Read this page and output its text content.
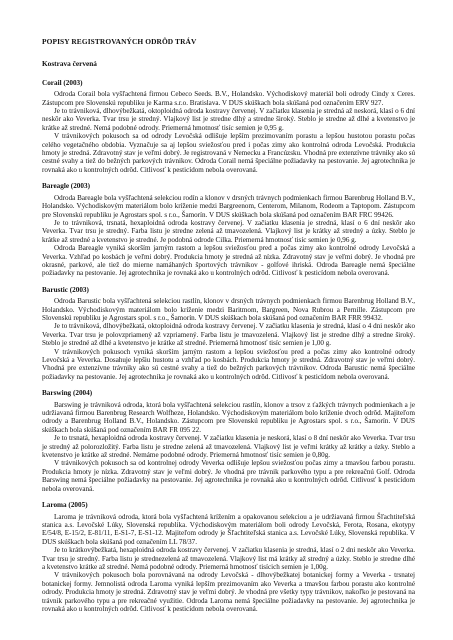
POPISY REGISTROVANÝCH ODRÔD TRÁV
Kostrava červená
Corail (2003)

Odroda Corail bola vyšľachtená firmou Cebeco Seeds. B.V., Holandsko. Východiskový materiál boli odrody Cindy x Ceres. Zástupcom pre Slovenskú republiku je Karma s.r.o. Bratislava. V DUS skúškach bola skúšaná pod označením ERV 927.

Je to trávniková, dlhovýbežkatá, oktoploidná odroda kostravy červenej. V začiatku klasenia je stredná až neskorá, klasí o 6 dní neskôr ako Veverka. Tvar trsu je stredný. Vlajkový list je stredne dlhý a stredne široký. Steblo je stredne až dlhé a kvetenstvo je krátke až stredné. Nemá podobné odrody. Priemerná hmotnosť tisíc semien je 0,95 g.

V trávnikových pokusoch sa od odrody Levočská odlišuje lepším prezimovaním porastu a lepšou hustotou porastu počas celého vegetačného obdobia. Vyznačuje sa aj lepšou sviežosťou pred i počas zimy ako kontrolná odroda Levočská. Produkcia hmoty je stredná. Zdravotný stav je veľmi dobrý. Je registrovaná v Nemecku a Francúzsku. Vhodná pre extenzívne trávniky ako sú cestné svahy a tiež do bežných parkových trávnikov. Odroda Corail nemá špeciálne požiadavky na pestovanie. Jej agrotechnika je rovnaká ako u kontrolných odrôd. Citlivosť k pesticídom nebola overovaná.

Bareagle (2003)

Odroda Bareagle bola vyšľachtená selekciou rodín a klonov v drsných trávnych podmienkach firmou Barenbrug Holland B.V., Holandsko. Východiskovým materiálom bolo kríženie medzi Bargreenom, Centerom, Milanom, Rodeom a Taptopom. Zástupcom pre Slovenskú republiku je Agrostars spol. s r.o., Šamorín. V DUS skúškach bola skúšaná pod označením BAR FRC 99426.

Je to trávniková, trsnatá, hexaploidná odroda kostravy červenej. V začiatku klasenia je stredná, klasí o 6 dní neskôr ako Veverka. Tvar trsu je stredný. Farba listu je stredne zelená až tmavozelená. Vlajkový list je krátky až stredný a úzky. Steblo je krátke až stredné a kvetenstvo je stredné. Je podobná odrode Cilka. Priemerná hmotnosť tisíc semien je 0,96 g.

Odroda Bareagle vyniká skorším jarným rastom a lepšou sviežosťou pred a počas zimy ako kontrolné odrody Levočská a Veverka. Vzhľad po kosbách je veľmi dobrý. Produkcia hmoty je stredná až nízka. Zdravotný stav je veľmi dobrý. Je vhodná pre okrasné, parkové, ale tiež do mierne namáhaných športových trávnikov - golfové ihriská. Odroda Bareagle nemá špeciálne požiadavky na pestovanie. Jej agrotechnika je rovnaká ako u kontrolných odrôd. Citlivosť k pesticídom nebola overovaná.

Barustic (2003)

Odroda Barustic bola vyšľachtená selekciou rastlín, klonov v drsných trávnych podmienkach firmou Barenbrug Holland B.V., Holandsko. Východiskovým materiálom bolo kríženie medzi Baritmom, Bargreen, Nova Rubrou a Pernille. Zástupcom pre Slovenskú republiku je Agrostars spol. s r.o., Šamorín. V DUS skúškach bola skúšaná pod označením BAR FRR 99432.

Je to trávniková, dlhovýbežkatá, oktoploidná odroda kostravy červenej. V začiatku klasenia je stredná, klasí o 4 dni neskôr ako Veverka. Tvar trsu je polovzpriamený až vzpriamený. Farba listu je tmavozelená. Vlajkový list je stredne dlhý a stredne široký. Steblo je stredné až dlhé a kvetenstvo je krátke až stredné. Priemerná hmotnosť tisíc semien je 1,00 g.

V trávnikových pokusoch vyniká skorším jarným rastom a lepšou sviežosťou pred a počas zimy ako kontrolné odrody Levočská a Veverka. Dosahuje lepšiu hustotu a vzhľad po kosbách. Produkcia hmoty je stredná. Zdravotný stav je veľmi dobrý. Vhodná pre extenzívne trávniky ako sú cestné svahy a tiež do bežných parkových trávnikov. Odroda Barustic nemá špeciálne požiadavky na pestovanie. Jej agrotechnika je rovnaká ako u kontrolných odrôd. Citlivosť k pesticídom nebola overovaná.

Barswing (2004)

Barswing je trávniková odroda, ktorá bola vyšľachtená selekciou rastlín, klonov a trsov z ťažkých trávnych podmienkach a je udržiavaná firmou Barenbrug Research Wolfheze, Holandsko. Východiskovým materiálom bolo kríženie dvoch odrôd. Majiteľom odrody a Barenbrug Holland B.V., Holandsko. Zástupcom pre Slovenskú republiku je Agrostars spol. s r.o., Šamorín. V DUS skúškach bola skúšaná pod označením BAR FR 095 22.

Je to trsnatá, hexaploidná odroda kostravy červenej. V začiatku klasenia je neskorá, klasí o 8 dní neskôr ako Veverka. Tvar trsu je stredný až polorozložitý. Farba listu je stredne zelená až tmavozelená. Vlajkový list je veľmi krátky až krátky a úzky. Steblo a kvetenstvo je krátke až stredné. Nemáme podobné odrody. Priemerná hmotnosť tisíc semien je 0,80g.

V trávnikových pokusoch sa od kontrolnej odrody Veverka odlišuje lepšou sviežosťou počas zimy a tmavšou farbou porastu. Produkcia hmoty je nízka. Zdravotný stav je veľmi dobrý. Je vhodná pre trávnik parkového typu a pre rekreačnú Golf. Odroda Barswing nemá špeciálne požiadavky na pestovanie. Jej agrotechnika je rovnaká ako u kontrolných odrôd. Citlivosť k pesticídom nebola overovaná.

Laroma (2005)

Laroma je trávniková odroda, ktorá bola vyšľachtená krížením a opakovanou selekciou a je udržiavaná firmou Šľachtiteľská stanica a.s. Levočské Lúky, Slovenská republika. Východiskovým materiálom boli odrody Levočská, Ferota, Rosana, ekotypy E/54/8, E-15/2, E-81/11, E-S1-7, E-S1-12. Majiteľom odrody je Šľachtiteľská stanica a.s. Levočské Lúky, Slovenská republika. V DUS skúškach bola skúšaná pod označením LL 78/37.

Je to krátkovýbežkatá, hexaploidná odroda kostravy červenej. V začiatku klasenia je stredná, klasí o 2 dni neskôr ako Veverka. Tvar trsu je stredný. Farba listu je strednezelená až tmavozelená. Vlajkový list má krátky až stredný a úzky. Steblo je stredne dlhé a kvetenstvo krátke až stredné. Nemá podobné odrody. Priemerná hmotnosť tisícich semien je 1,00g.

V trávnikových pokusoch bola porovnávaná na odrody Levočská - dlhovýbežkatej botanickej formy a Veverka - trsnatej botanickej formy. Jemnolistá odroda Laroma vyniká lepším prezimovaním ako Veverka a tmavšou farbou porastu ako kontrolné odrody. Produkcia hmoty je stredná. Zdravotný stav je veľmi dobrý. Je vhodná pre všetky typy trávnikov, nakoľko je pestovaná na trávnik parkového typu a pre rekreačné využitie. Odroda Laroma nemá špeciálne požiadavky na pestovanie. Jej agrotechnika je rovnaká ako u kontrolných odrôd. Citlivosť k pesticídom nebola overovaná.
